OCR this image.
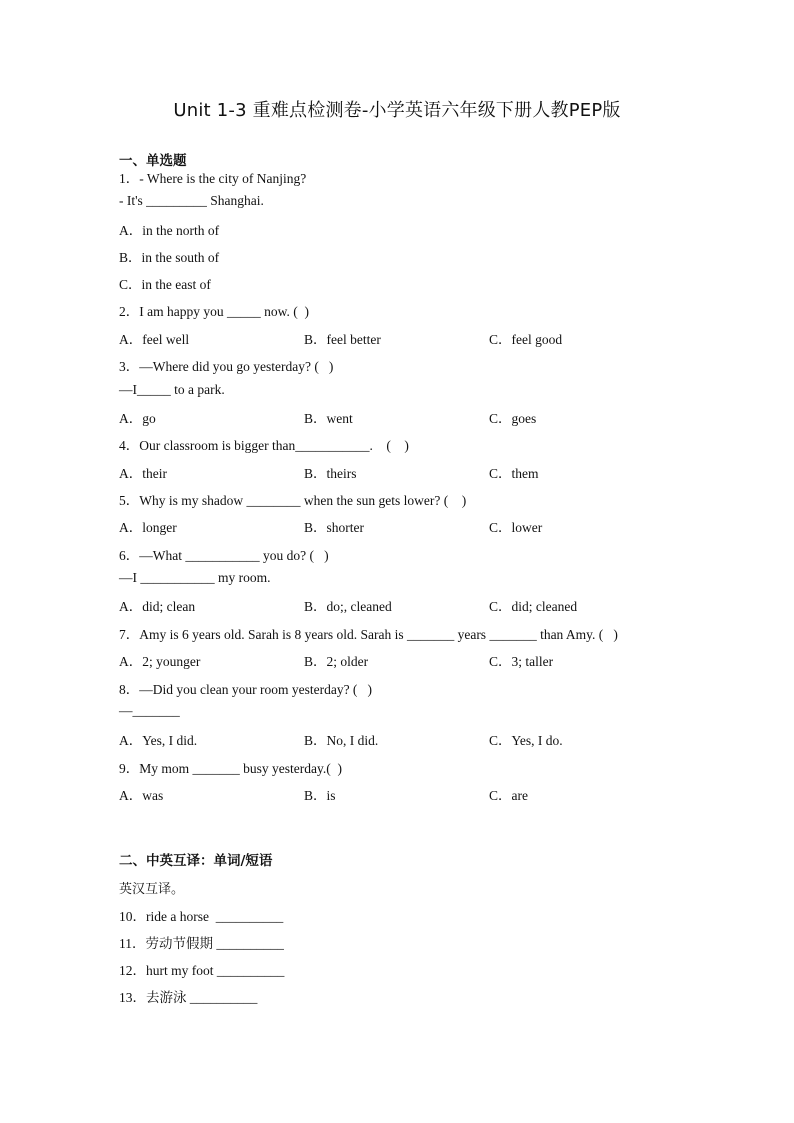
Unit 1-3 重难点检测卷-小学英语六年级下册人教PEP版
一、单选题
1．- Where is the city of Nanjing?
- It's _________ Shanghai.
A．in the north of
B．in the south of
C．in the east of
2．I am happy you _____ now. (  )
A．feel well	B．feel better	C．feel good
3．—Where did you go yesterday? (   )
—I_____ to a park.
A．go	B．went	C．goes
4．Our classroom is bigger than___________.    (    )
A．their	B．theirs	C．them
5．Why is my shadow ________ when the sun gets lower? (    )
A．longer	B．shorter	C．lower
6．—What ___________ you do? (   )
—I ___________ my room.
A．did; clean	B．do;, cleaned	C．did; cleaned
7．Amy is 6 years old. Sarah is 8 years old. Sarah is _______ years _______ than Amy. (   )
A．2; younger	B．2; older	C．3; taller
8．—Did you clean your room yesterday? (   )
—_______
A．Yes, I did.	B．No, I did.	C．Yes, I do.
9．My mom _______ busy yesterday.(  )
A．was	B．is	C．are
二、中英互译：单词/短语
英汉互译。
10．ride a horse  __________
11．劳动节假期 __________
12．hurt my foot __________
13．去游泳 __________
